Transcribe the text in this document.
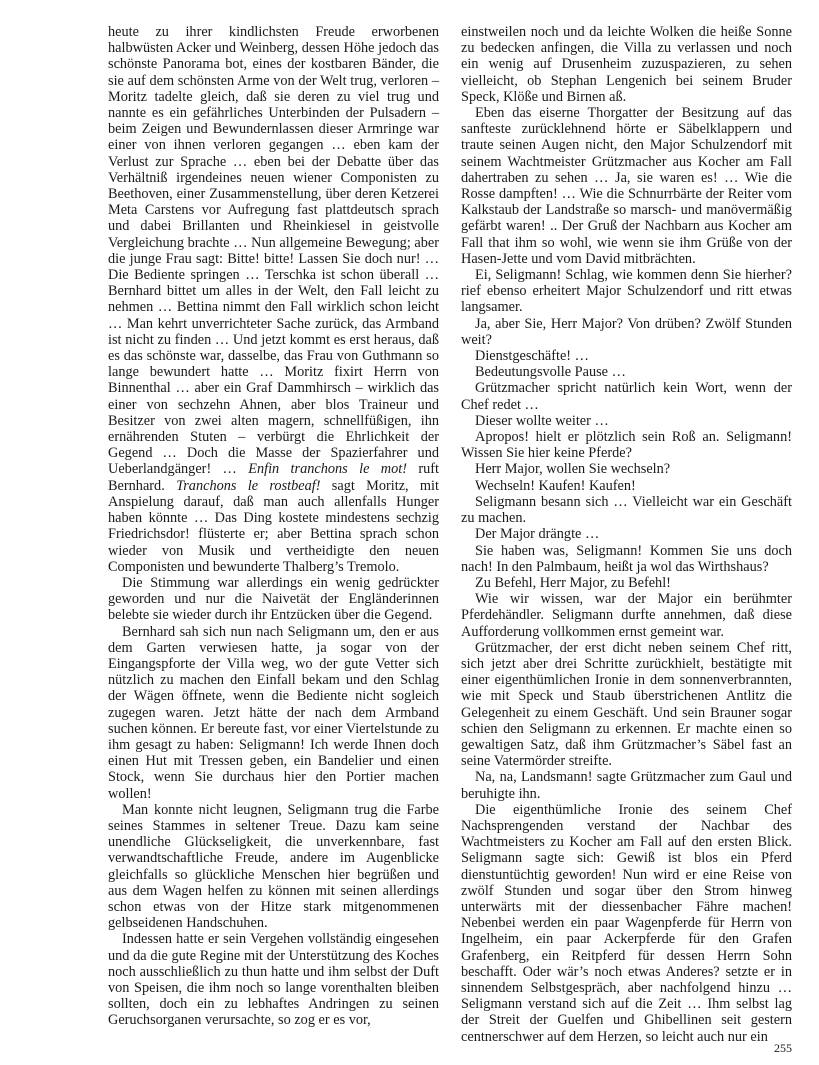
heute zu ihrer kindlichsten Freude erworbenen halbwüsten Acker und Weinberg, dessen Höhe jedoch das schönste Panorama bot, eines der kostbaren Bänder, die sie auf dem schönsten Arme von der Welt trug, verloren – Moritz tadelte gleich, daß sie deren zu viel trug und nannte es ein gefährliches Unterbinden der Pulsadern – beim Zeigen und Bewundernlassen dieser Armringe war einer von ihnen verloren gegangen … eben kam der Verlust zur Sprache … eben bei der Debatte über das Verhältniß irgendeines neuen wiener Componisten zu Beethoven, einer Zusammenstellung, über deren Ketzerei Meta Carstens vor Aufregung fast plattdeutsch sprach und dabei Brillanten und Rheinkiesel in geistvolle Vergleichung brachte … Nun allgemeine Bewegung; aber die junge Frau sagt: Bitte! bitte! Lassen Sie doch nur! … Die Bediente springen … Terschka ist schon überall … Bernhard bittet um alles in der Welt, den Fall leicht zu nehmen … Bettina nimmt den Fall wirklich schon leicht … Man kehrt unverrichteter Sache zurück, das Armband ist nicht zu finden … Und jetzt kommt es erst heraus, daß es das schönste war, dasselbe, das Frau von Guthmann so lange bewundert hatte … Moritz fixirt Herrn von Binnenthal … aber ein Graf Dammhirsch – wirklich das einer von sechzehn Ahnen, aber blos Traineur und Besitzer von zwei alten magern, schnellfüßigen, ihn ernährenden Stuten – verbürgt die Ehrlichkeit der Gegend … Doch die Masse der Spazierfahrer und Ueberlandgänger! … Enfin tranchons le mot! ruft Bernhard. Tranchons le rostbeaf! sagt Moritz, mit Anspielung darauf, daß man auch allenfalls Hunger haben könnte … Das Ding kostete mindestens sechzig Friedrichsdor! flüsterte er; aber Bettina sprach schon wieder von Musik und vertheidigte den neuen Componisten und bewunderte Thalberg’s Tremolo.

Die Stimmung war allerdings ein wenig gedrückter geworden und nur die Naivetät der Engländerinnen belebte sie wieder durch ihr Entzücken über die Gegend.

Bernhard sah sich nun nach Seligmann um, den er aus dem Garten verwiesen hatte, ja sogar von der Eingangspforte der Villa weg, wo der gute Vetter sich nützlich zu machen den Einfall bekam und den Schlag der Wägen öffnete, wenn die Bediente nicht sogleich zugegen waren. Jetzt hätte der nach dem Armband suchen können. Er bereute fast, vor einer Viertelstunde zu ihm gesagt zu haben: Seligmann! Ich werde Ihnen doch einen Hut mit Tressen geben, ein Bandelier und einen Stock, wenn Sie durchaus hier den Portier machen wollen!

Man konnte nicht leugnen, Seligmann trug die Farbe seines Stammes in seltener Treue. Dazu kam seine unendliche Glückseligkeit, die unverkennbare, fast verwandtschaftliche Freude, andere im Augenblicke gleichfalls so glückliche Menschen hier begrüßen und aus dem Wagen helfen zu können mit seinen allerdings schon etwas von der Hitze stark mitgenommenen gelbseidenen Handschuhen.

Indessen hatte er sein Vergehen vollständig eingesehen und da die gute Regine mit der Unterstützung des Koches noch ausschließlich zu thun hatte und ihm selbst der Duft von Speisen, die ihm noch so lange vorenthalten bleiben sollten, doch ein zu lebhaftes Andringen zu seinen Geruchsorganen verursachte, so zog er es vor,

einstweilen noch und da leichte Wolken die heiße Sonne zu bedecken anfingen, die Villa zu verlassen und noch ein wenig auf Drusenheim zuzuspazieren, zu sehen vielleicht, ob Stephan Lengenich bei seinem Bruder Speck, Klöße und Birnen aß.

Eben das eiserne Thorgatter der Besitzung auf das sanfteste zurücklehnend hörte er Säbelklappern und traute seinen Augen nicht, den Major Schulzendorf mit seinem Wachtmeister Grützmacher aus Kocher am Fall dahertraben zu sehen … Ja, sie waren es! … Wie die Rosse dampften! … Wie die Schnurrbärte der Reiter vom Kalkstaub der Landstraße so marsch- und manövermäßig gefärbt waren! .. Der Gruß der Nachbarn aus Kocher am Fall that ihm so wohl, wie wenn sie ihm Grüße von der Hasen-Jette und vom David mitbrächten.

Ei, Seligmann! Schlag, wie kommen denn Sie hierher? rief ebenso erheitert Major Schulzendorf und ritt etwas langsamer.

Ja, aber Sie, Herr Major? Von drüben? Zwölf Stunden weit?

Dienstgeschäfte! …

Bedeutungsvolle Pause …

Grützmacher spricht natürlich kein Wort, wenn der Chef redet …

Dieser wollte weiter …

Apropos! hielt er plötzlich sein Roß an. Seligmann! Wissen Sie hier keine Pferde?

Herr Major, wollen Sie wechseln?

Wechseln! Kaufen! Kaufen!

Seligmann besann sich … Vielleicht war ein Geschäft zu machen.

Der Major drängte …

Sie haben was, Seligmann! Kommen Sie uns doch nach! In den Palmbaum, heißt ja wol das Wirthshaus?

Zu Befehl, Herr Major, zu Befehl!

Wie wir wissen, war der Major ein berühmter Pferdehändler. Seligmann durfte annehmen, daß diese Aufforderung vollkommen ernst gemeint war.

Grützmacher, der erst dicht neben seinem Chef ritt, sich jetzt aber drei Schritte zurückhielt, bestätigte mit einer eigenthümlichen Ironie in dem sonnenverbrannten, wie mit Speck und Staub überstrichenen Antlitz die Gelegenheit zu einem Geschäft. Und sein Brauner sogar schien den Seligmann zu erkennen. Er machte einen so gewaltigen Satz, daß ihm Grützmacher’s Säbel fast an seine Vatermörder streifte.

Na, na, Landsmann! sagte Grützmacher zum Gaul und beruhigte ihn.

Die eigenthümliche Ironie des seinem Chef Nachsprengenden verstand der Nachbar des Wachtmeisters zu Kocher am Fall auf den ersten Blick. Seligmann sagte sich: Gewiß ist blos ein Pferd dienstuntüchtig geworden! Nun wird er eine Reise von zwölf Stunden und sogar über den Strom hinweg unterwärts mit der diessenbacher Fähre machen! Nebenbei werden ein paar Wagenpferde für Herrn von Ingelheim, ein paar Ackerpferde für den Grafen Grafenberg, ein Reitpferd für dessen Herrn Sohn beschafft. Oder wär’s noch etwas Anderes? setzte er in sinnendem Selbstgespräch, aber nachfolgend hinzu … Seligmann verstand sich auf die Zeit … Ihm selbst lag der Streit der Guelfen und Ghibellinen seit gestern centnerschwer auf dem Herzen, so leicht auch nur ein

255
